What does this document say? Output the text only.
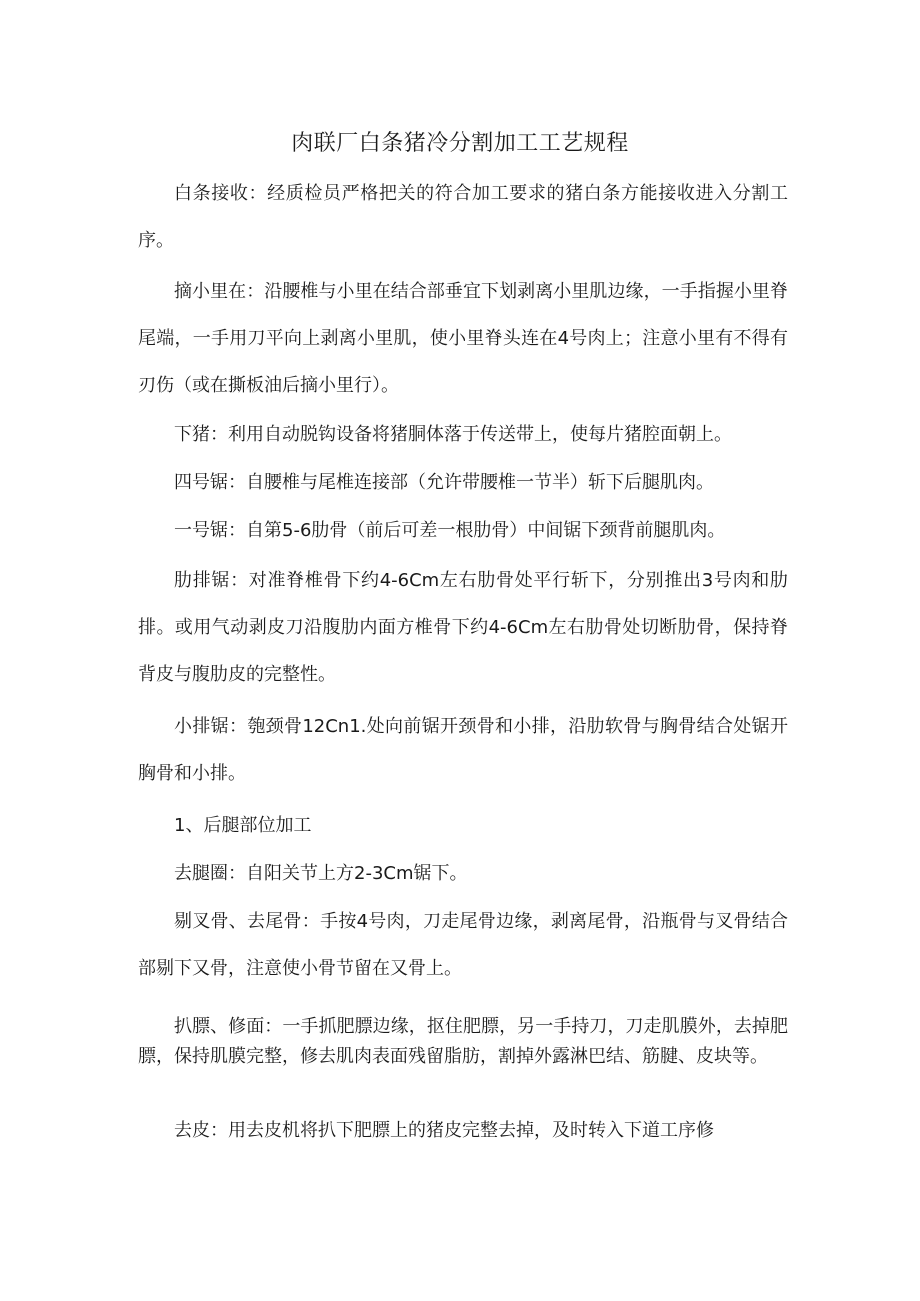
肉联厂白条猪冷分割加工工艺规程

白条接收：经质检员严格把关的符合加工要求的猪白条方能接收进入分割工序。

摘小里在：沿腰椎与小里在结合部垂宜下划剥离小里肌边缘，一手指握小里脊尾端，一手用刀平向上剥离小里肌，使小里脊头连在4号肉上；注意小里有不得有刃伤（或在撕板油后摘小里行）。

下猪：利用自动脱钩设备将猪胴体落于传送带上，使每片猪腔面朝上。

四号锯：自腰椎与尾椎连接部（允许带腰椎一节半）斩下后腿肌肉。

一号锯：自第5-6肋骨（前后可差一根肋骨）中间锯下颈背前腿肌肉。

肋排锯：对准脊椎骨下约4-6Cm左右肋骨处平行斩下，分别推出3号肉和肋排。或用气动剥皮刀沿腹肋内面方椎骨下约4-6Cm左右肋骨处切断肋骨，保持脊背皮与腹肋皮的完整性。

小排锯：匏颈骨12Cn1.处向前锯开颈骨和小排，沿肋软骨与胸骨结合处锯开胸骨和小排。

1、后腿部位加工

去腿圈：自阳关节上方2-3Cm锯下。

剔叉骨、去尾骨：手按4号肉，刀走尾骨边缘，剥离尾骨，沿瓶骨与叉骨结合部剔下又骨，注意使小骨节留在又骨上。

扒膘、修面：一手抓肥膘边缘，抠住肥膘，另一手持刀，刀走肌膜外，去掉肥膘，保持肌膜完整，修去肌肉表面残留脂肪，割掉外露淋巴结、筋腱、皮块等。

去皮：用去皮机将扒下肥膘上的猪皮完整去掉，及时转入下道工序修
